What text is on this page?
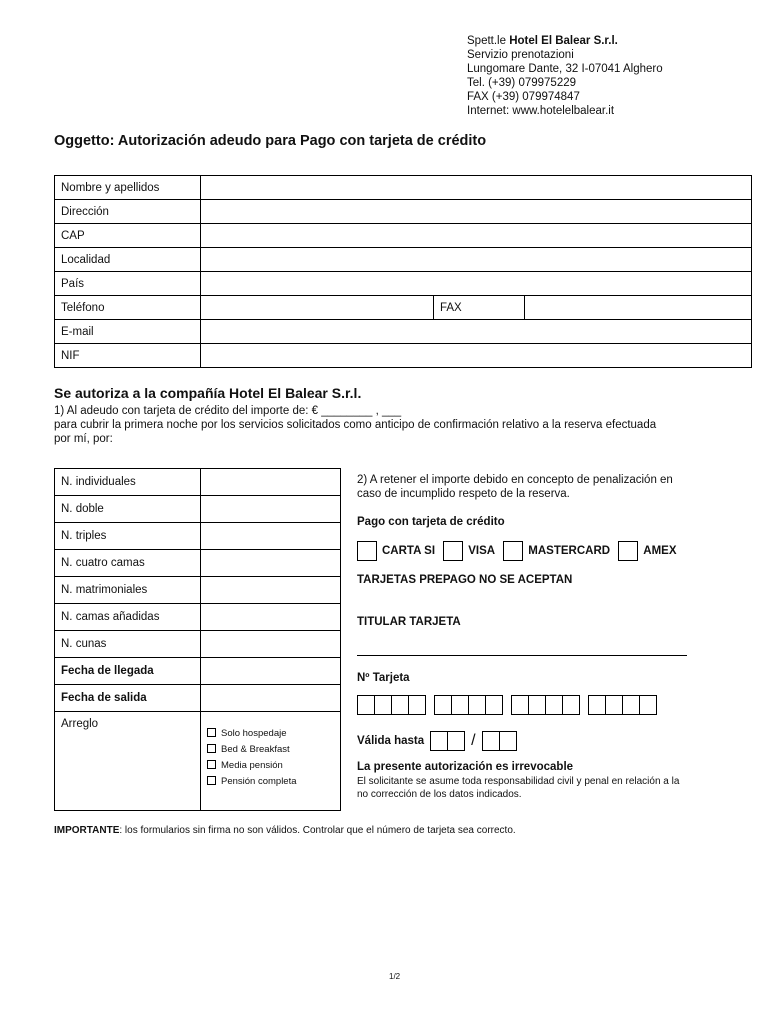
Spett.le Hotel El Balear S.r.l.
Servizio prenotazioni
Lungomare Dante, 32 I-07041 Alghero
Tel. (+39) 079975229
FAX (+39) 079974847
Internet: www.hotelelbalear.it
Oggetto: Autorización adeudo para Pago con tarjeta de crédito
Nombre y apellidos			
Dirección			
CAP			
Localidad			
País			
Teléfono		FAX	
E-mail			
NIF			
Se autoriza a la compañía Hotel El Balear S.r.l.
1) Al adeudo con tarjeta de crédito del importe de: € ________ , ___
para cubrir la primera noche por los servicios solicitados como anticipo de confirmación relativo a la reserva efectuada
por mí, por:
N. individuales	
N. doble	
N. triples	
N. cuatro camas	
N. matrimoniales	
N. camas añadidas	
N. cunas	
Fecha de llegada	
Fecha de salida	
Arreglo	Solo hospedaje
Bed & Breakfast
Media pensión
Pensión completa
2) A retener el importe debido en concepto de penalización en
caso de incumplido respeto de la reserva.
Pago con tarjeta de crédito
CARTA SI	VISA	MASTERCARD	AMEX
TARJETAS PREPAGO NO SE ACEPTAN
TITULAR TARJETA
Nº Tarjeta
Válida hasta	/
La presente autorización es irrevocable
El solicitante se asume toda responsabilidad civil y penal en relación a la
no corrección de los datos indicados.
IMPORTANTE: los formularios sin firma no son válidos. Controlar que el número de tarjeta sea correcto.
1/2
